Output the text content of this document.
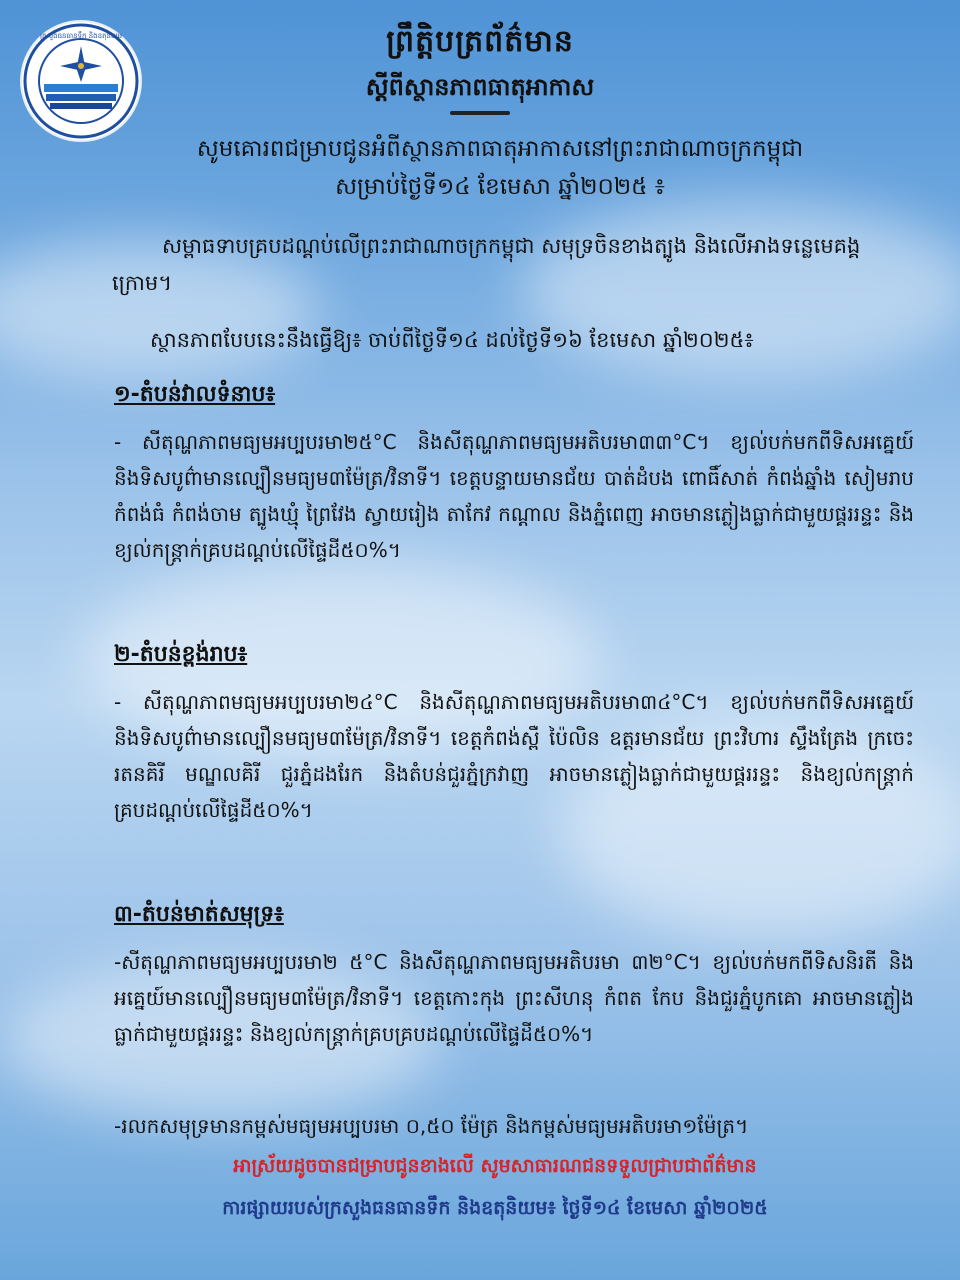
ក្រសួងធនធានទឹក និងឧតុនិយម	ព្រឹត្តិបត្រព័ត៌មាន
ស្តីពីស្ថានភាពធាតុអាកាស
សូមគោរពជម្រាបជូនអំពីស្ថានភាពធាតុអាកាសនៅព្រះរាជាណាចក្រកម្ពុជា
សម្រាប់ថ្ងៃទី១៤ ខែមេសា ឆ្នាំ២០២៥ ៖
សម្ពាធទាបគ្របដណ្តប់លើព្រះរាជាណាចក្រកម្ពុជា សមុទ្រចិនខាងត្បូង និងលើអាងទន្លេមេគង្គក្រោម។
ស្ថានភាពបែបនេះនឹងធ្វើឱ្យ៖ ចាប់ពីថ្ងៃទី១៤ ដល់ថ្ងៃទី១៦ ខែមេសា ឆ្នាំ២០២៥៖
១-តំបន់វាលទំនាប៖
- សីតុណ្ហភាពមធ្យមអប្បបរមា២៥°C និងសីតុណ្ហភាពមធ្យមអតិបរមា៣៣°C។ ខ្យល់បក់មកពីទិសអគ្នេយ៍ និងទិសបូព៌ាមានល្បឿនមធ្យម៣ម៉ែត្រ/វិនាទី។ ខេត្តបន្ទាយមានជ័យ បាត់ដំបង ពោធិ៍សាត់ កំពង់ឆ្នាំង សៀមរាប កំពង់ធំ កំពង់ចាម ត្បូងឃ្មុំ ព្រៃវែង ស្វាយរៀង តាកែវ កណ្តាល និងភ្នំពេញ អាចមានភ្លៀងធ្លាក់ជាមួយផ្គររន្ទះ និងខ្យល់កន្ត្រាក់គ្របដណ្តប់លើផ្ទៃដី៥០%។
២-តំបន់ខ្ពង់រាប៖
- សីតុណ្ហភាពមធ្យមអប្បបរមា២៤°C និងសីតុណ្ហភាពមធ្យមអតិបរមា៣៤°C។ ខ្យល់បក់មកពីទិសអគ្នេយ៍ និងទិសបូព៌ាមានល្បឿនមធ្យម៣ម៉ែត្រ/វិនាទី។ ខេត្តកំពង់ស្ពឺ ប៉ៃលិន ឧត្តរមានជ័យ ព្រះវិហារ ស្ទឹងត្រែង ក្រចេះ រតនគិរី មណ្ឌលគិរី ជួរភ្នំដងរែក និងតំបន់ជួរភ្នំក្រវាញ អាចមានភ្លៀងធ្លាក់ជាមួយផ្គររន្ទះ និងខ្យល់កន្ត្រាក់គ្របដណ្តប់លើផ្ទៃដី៥០%។
៣-តំបន់មាត់សមុទ្រ៖
-សីតុណ្ហភាពមធ្យមអប្បបរមា២ ៥°C និងសីតុណ្ហភាពមធ្យមអតិបរមា ៣២°C។ ខ្យល់បក់មកពីទិសនិរតី និងអគ្នេយ៍មានល្បឿនមធ្យម៣ម៉ែត្រ/វិនាទី។ ខេត្តកោះកុង ព្រះសីហនុ កំពត កែប និងជួរភ្នំបូកគោ អាចមានភ្លៀងធ្លាក់ជាមួយផ្គររន្ទះ និងខ្យល់កន្ត្រាក់គ្របគ្របដណ្តប់លើផ្ទៃដី៥០%។
-រលកសមុទ្រមានកម្ពស់មធ្យមអប្បបរមា ០,៥០ ម៉ែត្រ និងកម្ពស់មធ្យមអតិបរមា១ម៉ែត្រ។
អាស្រ័យដូចបានជម្រាបជូនខាងលើ សូមសាធារណជនទទួលជ្រាបជាព័ត៌មាន
ការផ្សាយរបស់ក្រសួងធនធានទឹក និងឧតុនិយម៖ ថ្ងៃទី១៤ ខែមេសា ឆ្នាំ២០២៥
